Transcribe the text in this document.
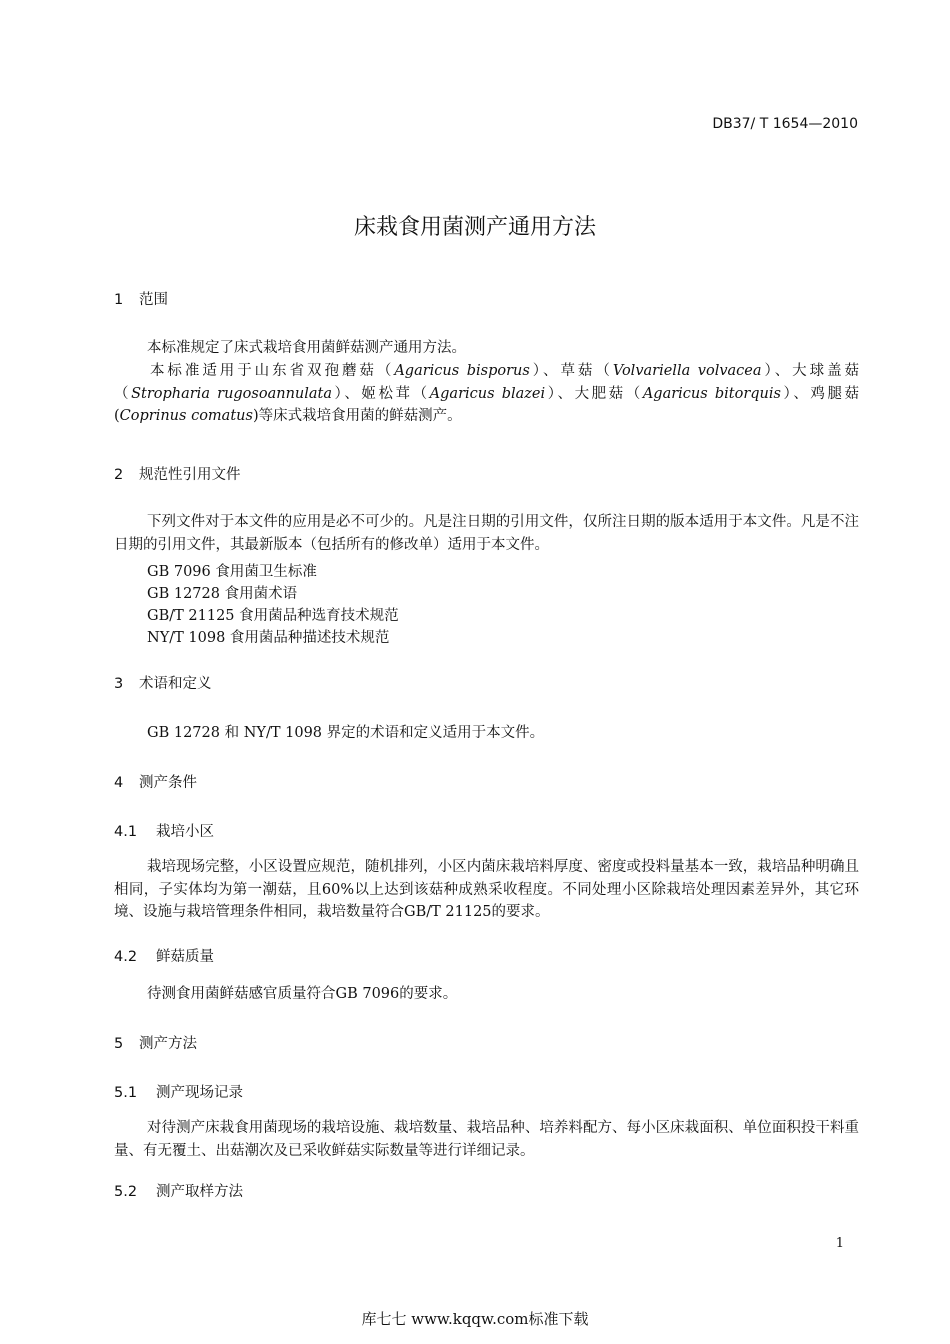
DB37/ T 1654—2010
床栽食用菌测产通用方法
1 范围
本标准规定了床式栽培食用菌鲜菇测产通用方法。
本标准适用于山东省双孢蘑菇（Agaricus bisporus）、草菇（Volvariella volvacea）、大球盖菇（Stropharia rugosoannulata）、姬松茸（Agaricus blazei）、大肥菇（Agaricus bitorquis）、鸡腿菇(Coprinus comatus)等床式栽培食用菌的鲜菇测产。
2 规范性引用文件
下列文件对于本文件的应用是必不可少的。凡是注日期的引用文件，仅所注日期的版本适用于本文件。凡是不注日期的引用文件，其最新版本（包括所有的修改单）适用于本文件。
GB 7096 食用菌卫生标准
GB 12728 食用菌术语
GB/T 21125 食用菌品种选育技术规范
NY/T 1098 食用菌品种描述技术规范
3 术语和定义
GB 12728 和 NY/T 1098 界定的术语和定义适用于本文件。
4 测产条件
4.1 栽培小区
栽培现场完整，小区设置应规范，随机排列，小区内菌床栽培料厚度、密度或投料量基本一致，栽培品种明确且相同，子实体均为第一潮菇，且60%以上达到该菇种成熟采收程度。不同处理小区除栽培处理因素差异外，其它环境、设施与栽培管理条件相同，栽培数量符合GB/T 21125的要求。
4.2 鲜菇质量
待测食用菌鲜菇感官质量符合GB 7096的要求。
5 测产方法
5.1 测产现场记录
对待测产床栽食用菌现场的栽培设施、栽培数量、栽培品种、培养料配方、每小区床栽面积、单位面积投干料重量、有无覆土、出菇潮次及已采收鲜菇实际数量等进行详细记录。
5.2 测产取样方法
1
库七七 www.kqqw.com标准下载
